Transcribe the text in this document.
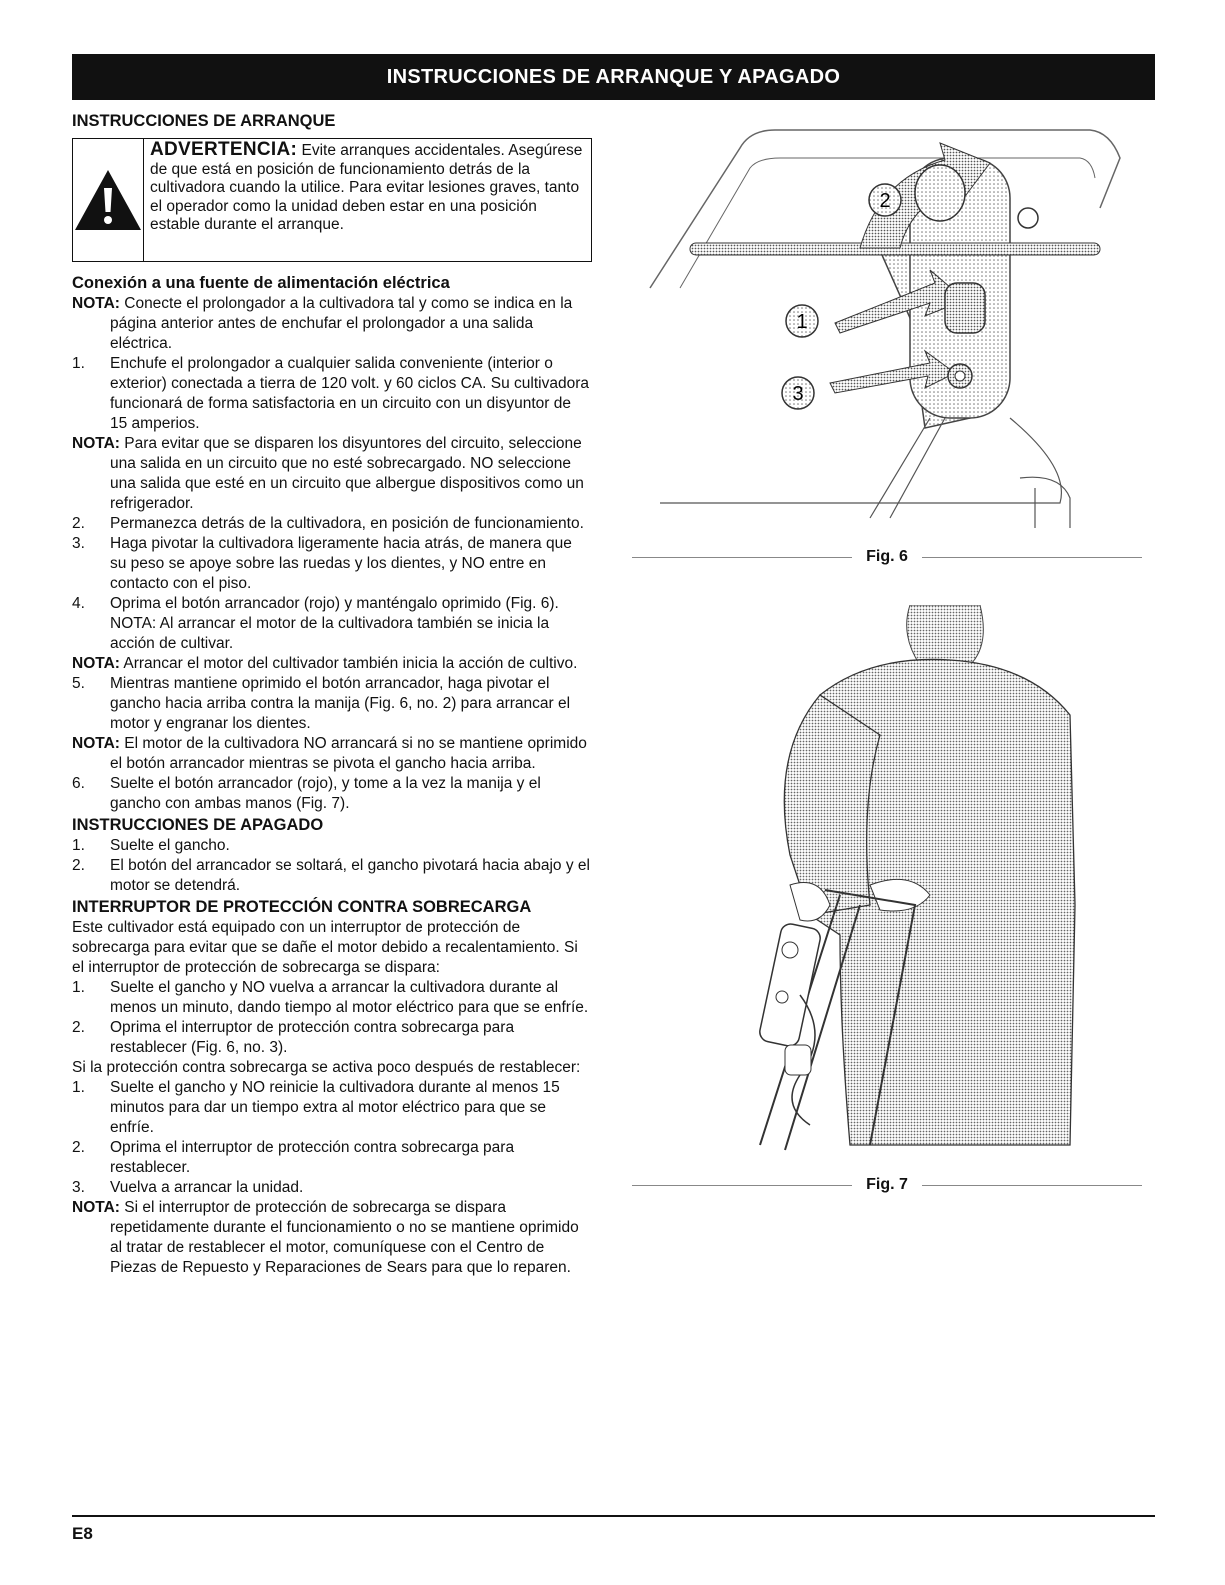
INSTRUCCIONES DE ARRANQUE Y APAGADO

INSTRUCCIONES DE ARRANQUE

ADVERTENCIA: Evite arranques accidentales. Asegúrese de que está en posición de funcionamiento detrás de la cultivadora cuando la utilice. Para evitar lesiones graves, tanto el operador como la unidad deben estar en una posición estable durante el arranque.

Conexión a una fuente de alimentación eléctrica

NOTA: Conecte el prolongador a la cultivadora tal y como se indica en la página anterior antes de enchufar el prolongador a una salida eléctrica.

1.	Enchufe el prolongador a cualquier salida conveniente (interior o exterior) conectada a tierra de 120 volt. y 60 ciclos CA. Su cultivadora funcionará de forma satisfactoria en un circuito con un disyuntor de 15 amperios.

NOTA: Para evitar que se disparen los disyuntores del circuito, seleccione una salida en un circuito que no esté sobrecargado. NO seleccione una salida que esté en un circuito que albergue dispositivos como un refrigerador.

2.	Permanezca detrás de la cultivadora, en posición de funcionamiento.
3.	Haga pivotar la cultivadora ligeramente hacia atrás, de manera que su peso se apoye sobre las ruedas y los dientes, y NO entre en contacto con el piso.
4.	Oprima el botón arrancador (rojo) y manténgalo oprimido (Fig. 6). NOTA: Al arrancar el motor de la cultivadora también se inicia la acción de cultivar.

NOTA: Arrancar el motor del cultivador también inicia la acción de cultivo.

5.	Mientras mantiene oprimido el botón arrancador, haga pivotar el gancho hacia arriba contra la manija (Fig. 6, no. 2) para arrancar el motor y engranar los dientes.

NOTA: El motor de la cultivadora NO arrancará si no se mantiene oprimido el botón arrancador mientras se pivota el gancho hacia arriba.

6.	Suelte el botón arrancador (rojo), y tome a la vez la manija y el gancho con ambas manos (Fig. 7).

INSTRUCCIONES DE APAGADO

1.	Suelte el gancho.
2.	El botón del arrancador se soltará, el gancho pivotará hacia abajo y el motor se detendrá.

INTERRUPTOR DE PROTECCIÓN CONTRA SOBRECARGA

Este cultivador está equipado con un interruptor de protección de sobrecarga para evitar que se dañe el motor debido a recalentamiento. Si el interruptor de protección de sobrecarga se dispara:

1.	Suelte el gancho y NO vuelva a arrancar la cultivadora durante al menos un minuto, dando tiempo al motor eléctrico para que se enfríe.
2.	Oprima el interruptor de protección contra sobrecarga para restablecer (Fig. 6, no. 3).

Si la protección contra sobrecarga se activa poco después de restablecer:

1.	Suelte el gancho y NO reinicie la cultivadora durante al menos 15 minutos para dar un tiempo extra al motor eléctrico para que se enfríe.
2.	Oprima el interruptor de protección contra sobrecarga para restablecer.
3.	Vuelva a arrancar la unidad.

NOTA: Si el interruptor de protección de sobrecarga se dispara repetidamente durante el funcionamiento o no se mantiene oprimido al tratar de restablecer el motor, comuníquese con el Centro de Piezas de Repuesto y Reparaciones de Sears para que lo reparen.

2
1
3
Fig. 6
Fig. 7
E8
